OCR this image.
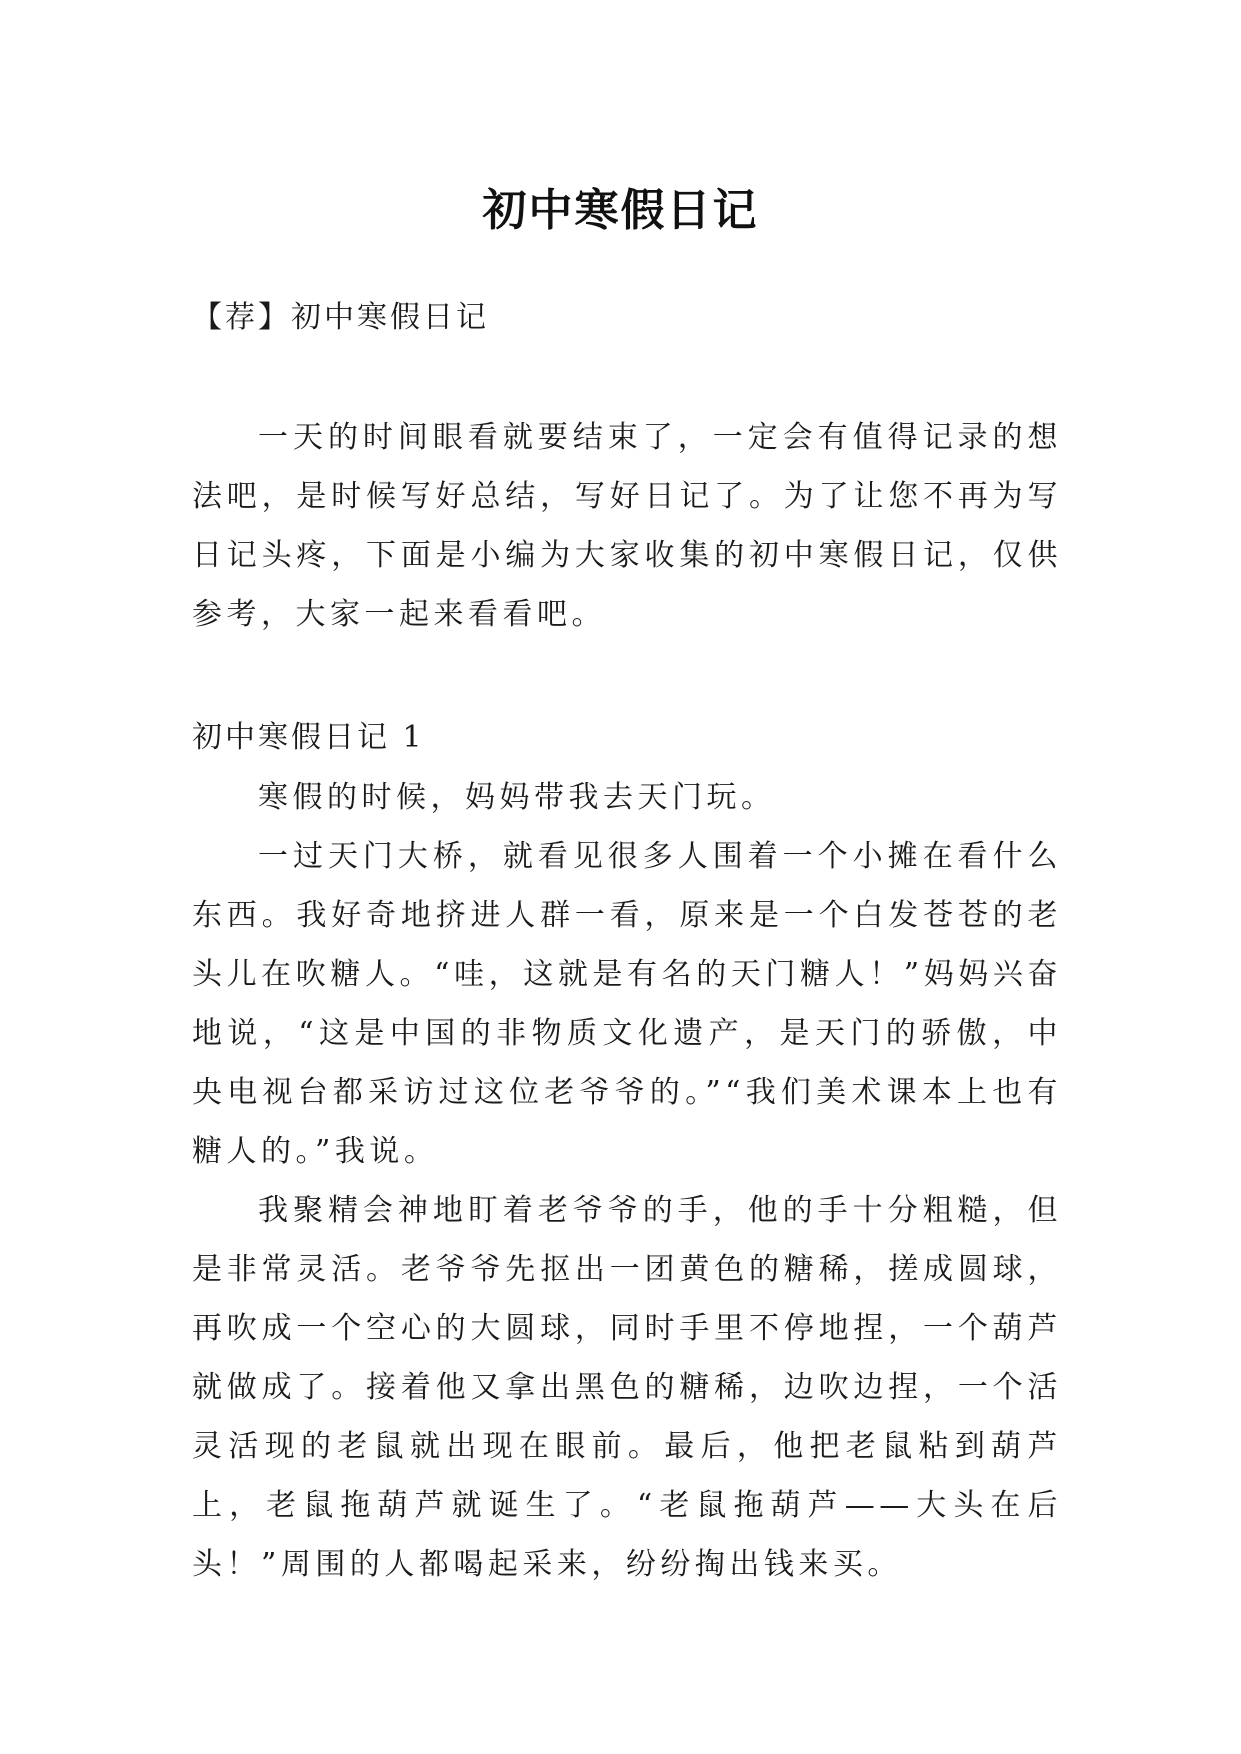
初中寒假日记

【荐】初中寒假日记

一天的时间眼看就要结束了，一定会有值得记录的想法吧，是时候写好总结，写好日记了。为了让您不再为写日记头疼，下面是小编为大家收集的初中寒假日记，仅供参考，大家一起来看看吧。

初中寒假日记 1

寒假的时候，妈妈带我去天门玩。

一过天门大桥，就看见很多人围着一个小摊在看什么东西。我好奇地挤进人群一看，原来是一个白发苍苍的老头儿在吹糖人。“哇，这就是有名的天门糖人！”妈妈兴奋地说，“这是中国的非物质文化遗产，是天门的骄傲，中央电视台都采访过这位老爷爷的。”“我们美术课本上也有糖人的。”我说。

我聚精会神地盯着老爷爷的手，他的手十分粗糙，但是非常灵活。老爷爷先抠出一团黄色的糖稀，搓成圆球，再吹成一个空心的大圆球，同时手里不停地捏，一个葫芦就做成了。接着他又拿出黑色的糖稀，边吹边捏，一个活灵活现的老鼠就出现在眼前。最后，他把老鼠粘到葫芦上，老鼠拖葫芦就诞生了。“老鼠拖葫芦——大头在后头！”周围的人都喝起采来，纷纷掏出钱来买。
